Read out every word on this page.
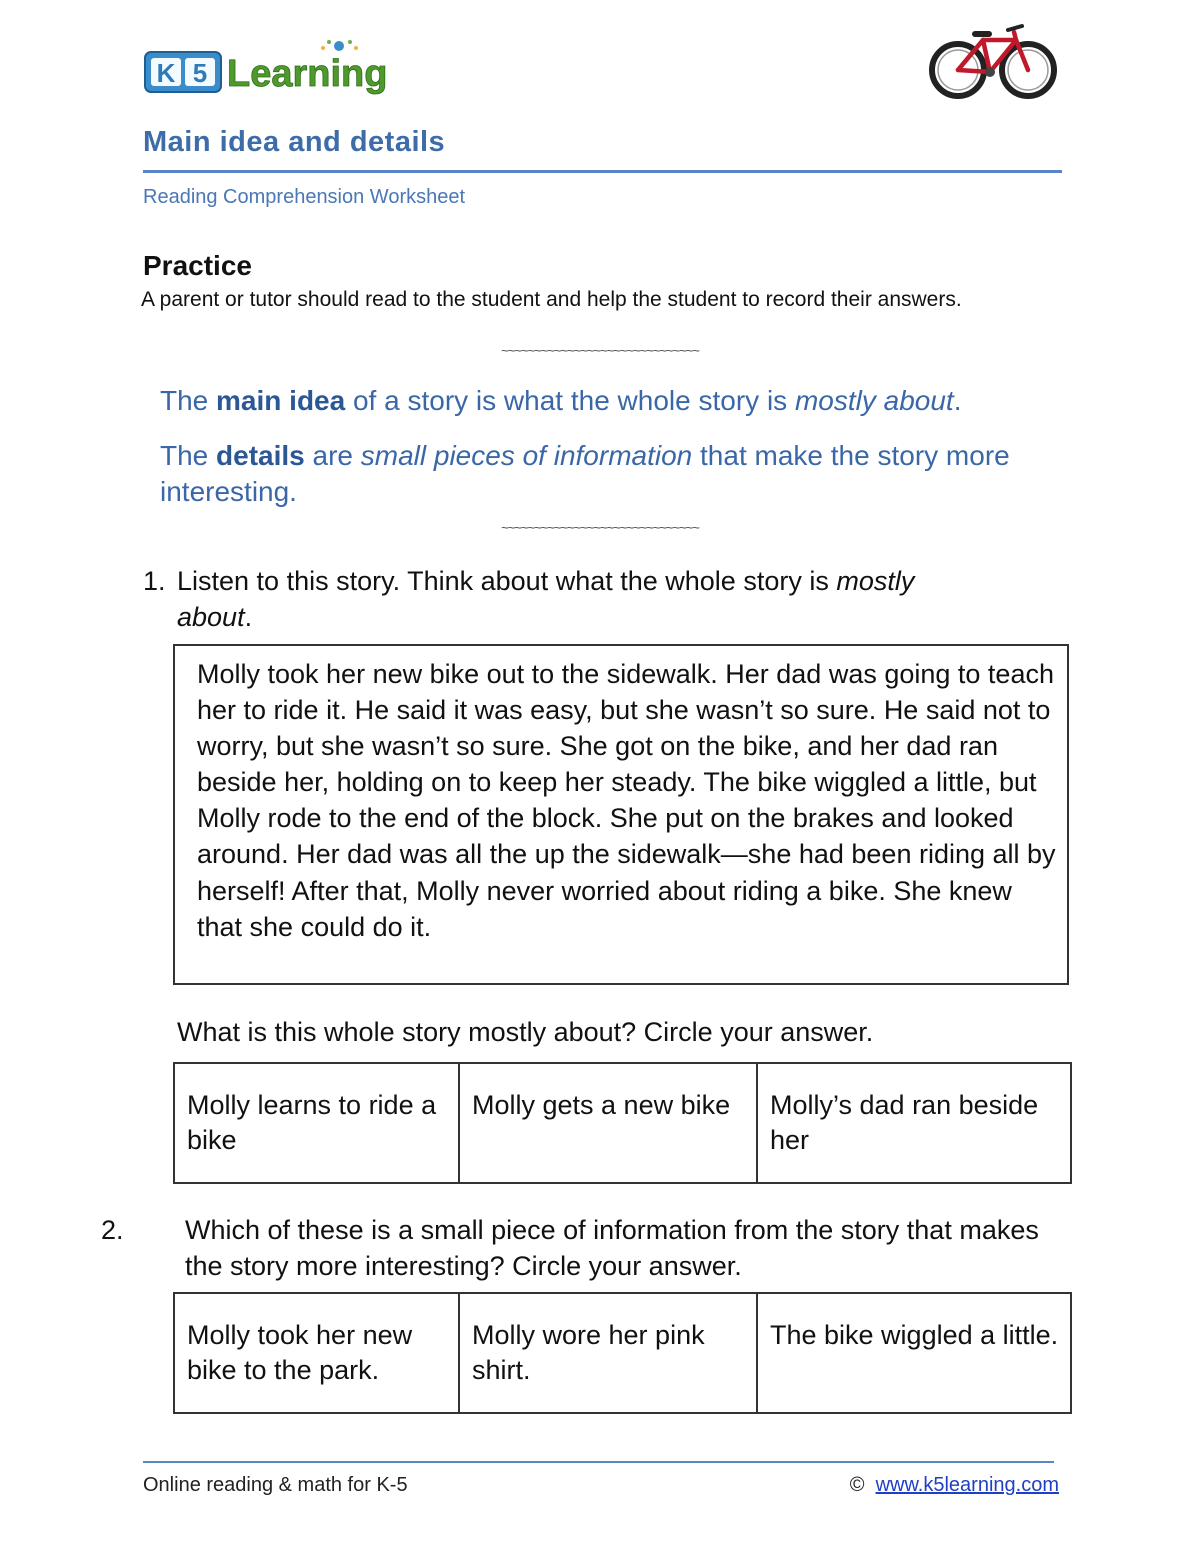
K 5 Learning
Main idea and details
Reading Comprehension Worksheet
Practice
A parent or tutor should read to the student and help the student to record their answers.
~~~~~~~~~~~~~~~~~~~~~~~~~~~~~~
The main idea of a story is what the whole story is mostly about.
The details are small pieces of information that make the story more interesting.
~~~~~~~~~~~~~~~~~~~~~~~~~~~~~~
1. Listen to this story. Think about what the whole story is mostly
about.
Molly took her new bike out to the sidewalk. Her dad was going to teach her to ride it. He said it was easy, but she wasn’t so sure. He said not to worry, but she wasn’t so sure. She got on the bike, and her dad ran beside her, holding on to keep her steady. The bike wiggled a little, but Molly rode to the end of the block. She put on the brakes and looked around. Her dad was all the up the sidewalk—she had been riding all by herself! After that, Molly never worried about riding a bike. She knew that she could do it.
What is this whole story mostly about? Circle your answer.
Molly learns to ride a bike	Molly gets a new bike	Molly’s dad ran beside her
2. Which of these is a small piece of information from the story that makes the story more interesting? Circle your answer.
Molly took her new bike to the park.	Molly wore her pink shirt.	The bike wiggled a little.
Online reading & math for K-5	© www.k5learning.com
